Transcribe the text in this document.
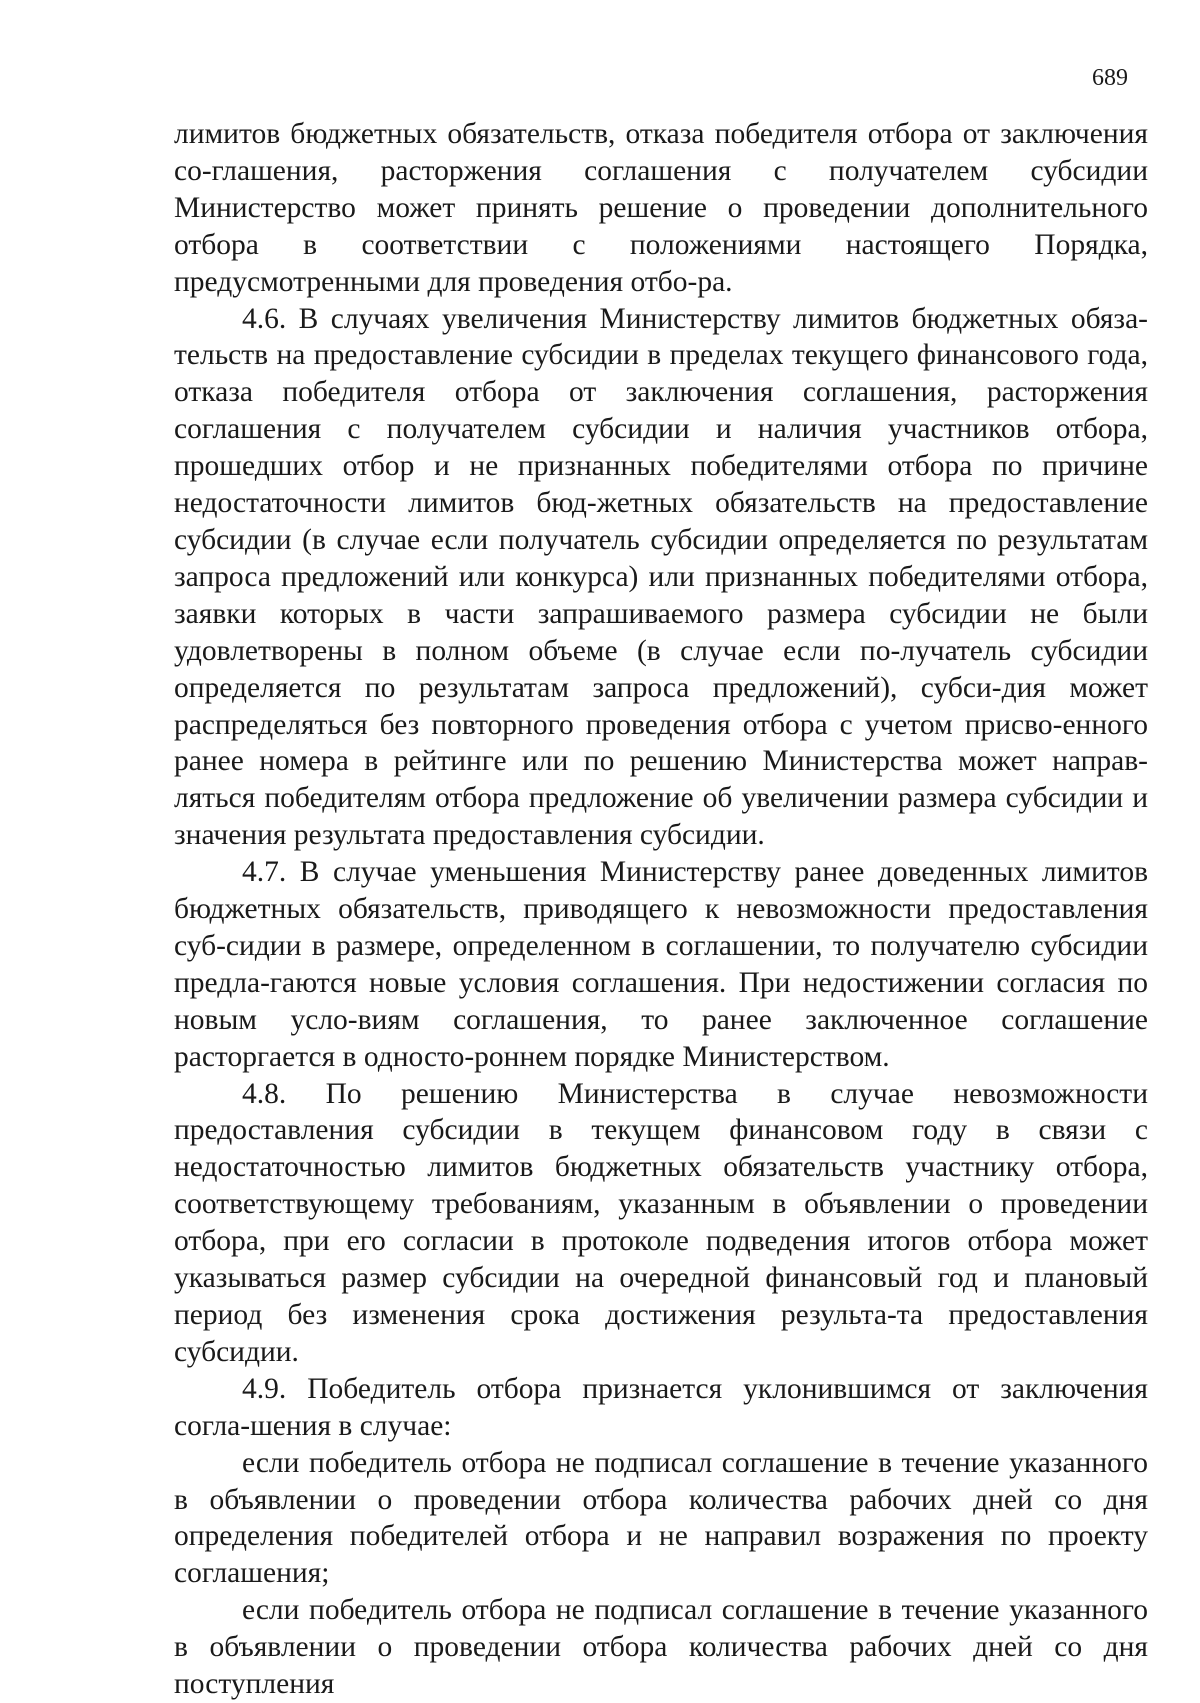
689

лимитов бюджетных обязательств, отказа победителя отбора от заключения со-глашения, расторжения соглашения с получателем субсидии Министерство может принять решение о проведении дополнительного отбора в соответствии с положениями настоящего Порядка, предусмотренными для проведения отбо-ра.

4.6. В случаях увеличения Министерству лимитов бюджетных обяза-тельств на предоставление субсидии в пределах текущего финансового года, отказа победителя отбора от заключения соглашения, расторжения соглашения с получателем субсидии и наличия участников отбора, прошедших отбор и не признанных победителями отбора по причине недостаточности лимитов бюд-жетных обязательств на предоставление субсидии (в случае если получатель субсидии определяется по результатам запроса предложений или конкурса) или признанных победителями отбора, заявки которых в части запрашиваемого размера субсидии не были удовлетворены в полном объеме (в случае если по-лучатель субсидии определяется по результатам запроса предложений), субси-дия может распределяться без повторного проведения отбора с учетом присво-енного ранее номера в рейтинге или по решению Министерства может направ-ляться победителям отбора предложение об увеличении размера субсидии и значения результата предоставления субсидии.

4.7. В случае уменьшения Министерству ранее доведенных лимитов бюджетных обязательств, приводящего к невозможности предоставления суб-сидии в размере, определенном в соглашении, то получателю субсидии предла-гаются новые условия соглашения. При недостижении согласия по новым усло-виям соглашения, то ранее заключенное соглашение расторгается в односто-роннем порядке Министерством.

4.8. По решению Министерства в случае невозможности предоставления субсидии в текущем финансовом году в связи с недостаточностью лимитов бюджетных обязательств участнику отбора, соответствующему требованиям, указанным в объявлении о проведении отбора, при его согласии в протоколе подведения итогов отбора может указываться размер субсидии на очередной финансовый год и плановый период без изменения срока достижения результа-та предоставления субсидии.

4.9. Победитель отбора признается уклонившимся от заключения согла-шения в случае:

если победитель отбора не подписал соглашение в течение указанного в объявлении о проведении отбора количества рабочих дней со дня определения победителей отбора и не направил возражения по проекту соглашения;

если победитель отбора не подписал соглашение в течение указанного в объявлении о проведении отбора количества рабочих дней со дня поступления
